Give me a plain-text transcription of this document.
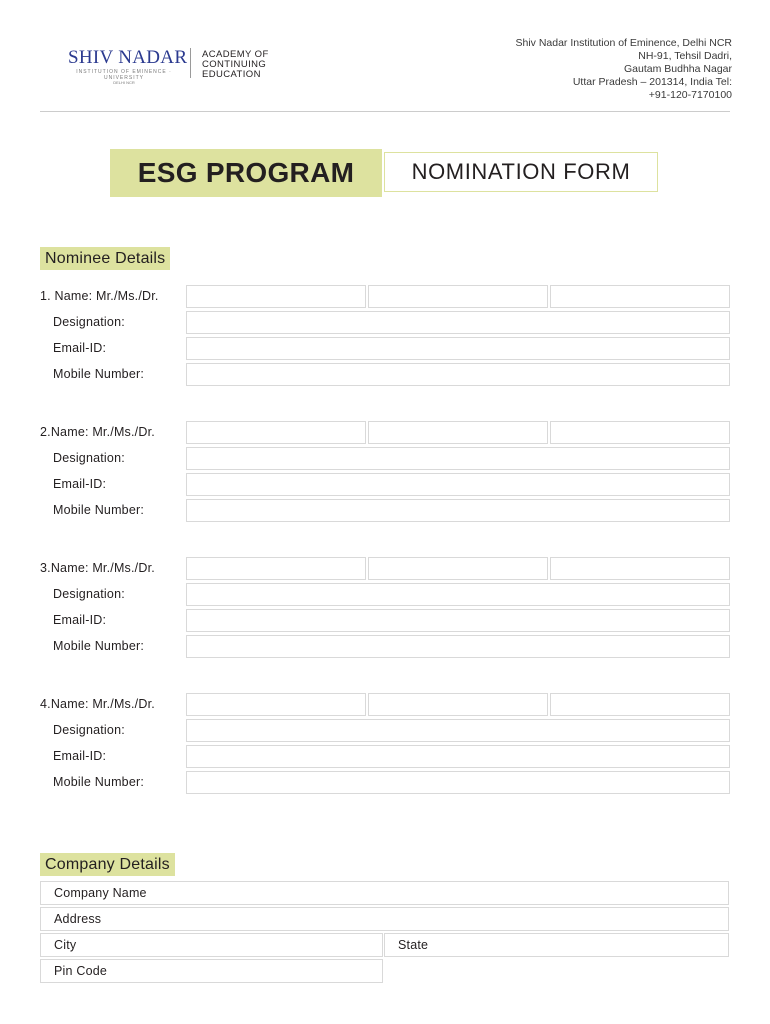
SHIV NADAR
INSTITUTION OF EMINENCE · UNIVERSITY
DELHI NCR
ACADEMY OF
CONTINUING
EDUCATION
Shiv Nadar Institution of Eminence, Delhi NCR
NH-91, Tehsil Dadri,
Gautam Budhha Nagar
Uttar Pradesh – 201314, India Tel:
+91-120-7170100
ESG PROGRAM	NOMINATION FORM
Nominee Details
1. Name: Mr./Ms./Dr.
Designation:
Email-ID:
Mobile Number:
2.Name: Mr./Ms./Dr.
Designation:
Email-ID:
Mobile Number:
3.Name: Mr./Ms./Dr.
Designation:
Email-ID:
Mobile Number:
4.Name: Mr./Ms./Dr.
Designation:
Email-ID:
Mobile Number:
Company Details
Company Name
Address
City	State
Pin Code
